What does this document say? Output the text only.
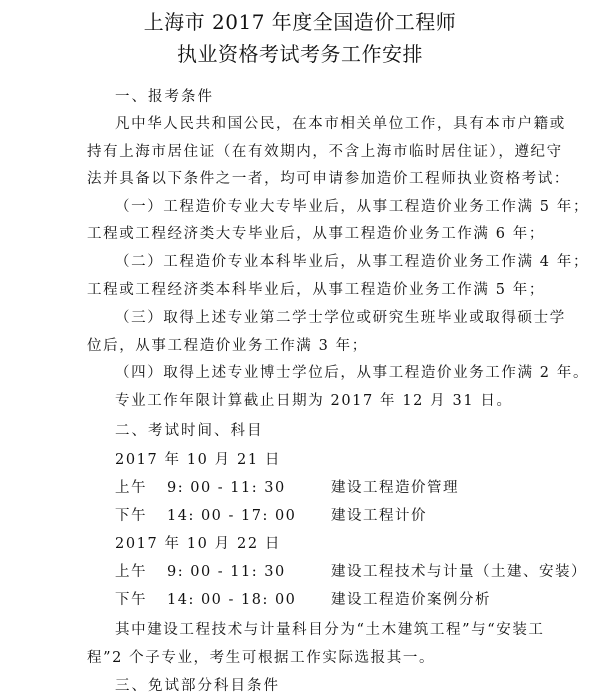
上海市 2017 年度全国造价工程师
执业资格考试考务工作安排
一、报考条件
凡中华人民共和国公民，在本市相关单位工作，具有本市户籍或
持有上海市居住证（在有效期内，不含上海市临时居住证），遵纪守
法并具备以下条件之一者，均可申请参加造价工程师执业资格考试：
（一）工程造价专业大专毕业后，从事工程造价业务工作满 5 年；
工程或工程经济类大专毕业后，从事工程造价业务工作满 6 年；
（二）工程造价专业本科毕业后，从事工程造价业务工作满 4 年；
工程或工程经济类本科毕业后，从事工程造价业务工作满 5 年；
（三）取得上述专业第二学士学位或研究生班毕业或取得硕士学
位后，从事工程造价业务工作满 3 年；
（四）取得上述专业博士学位后，从事工程造价业务工作满 2 年。
专业工作年限计算截止日期为 2017 年 12 月 31 日。
二、考试时间、科目
2017 年 10 月 21 日
上午 9: 00 - 11: 30	建设工程造价管理
下午 14: 00 - 17: 00 建设工程计价
2017 年 10 月 22 日
上午 9: 00 - 11: 30	建设工程技术与计量（土建、安装）
下午 14: 00 - 18: 00 建设工程造价案例分析
其中建设工程技术与计量科目分为“土木建筑工程”与“安装工
程”2 个子专业，考生可根据工作实际选报其一。
三、免试部分科目条件
